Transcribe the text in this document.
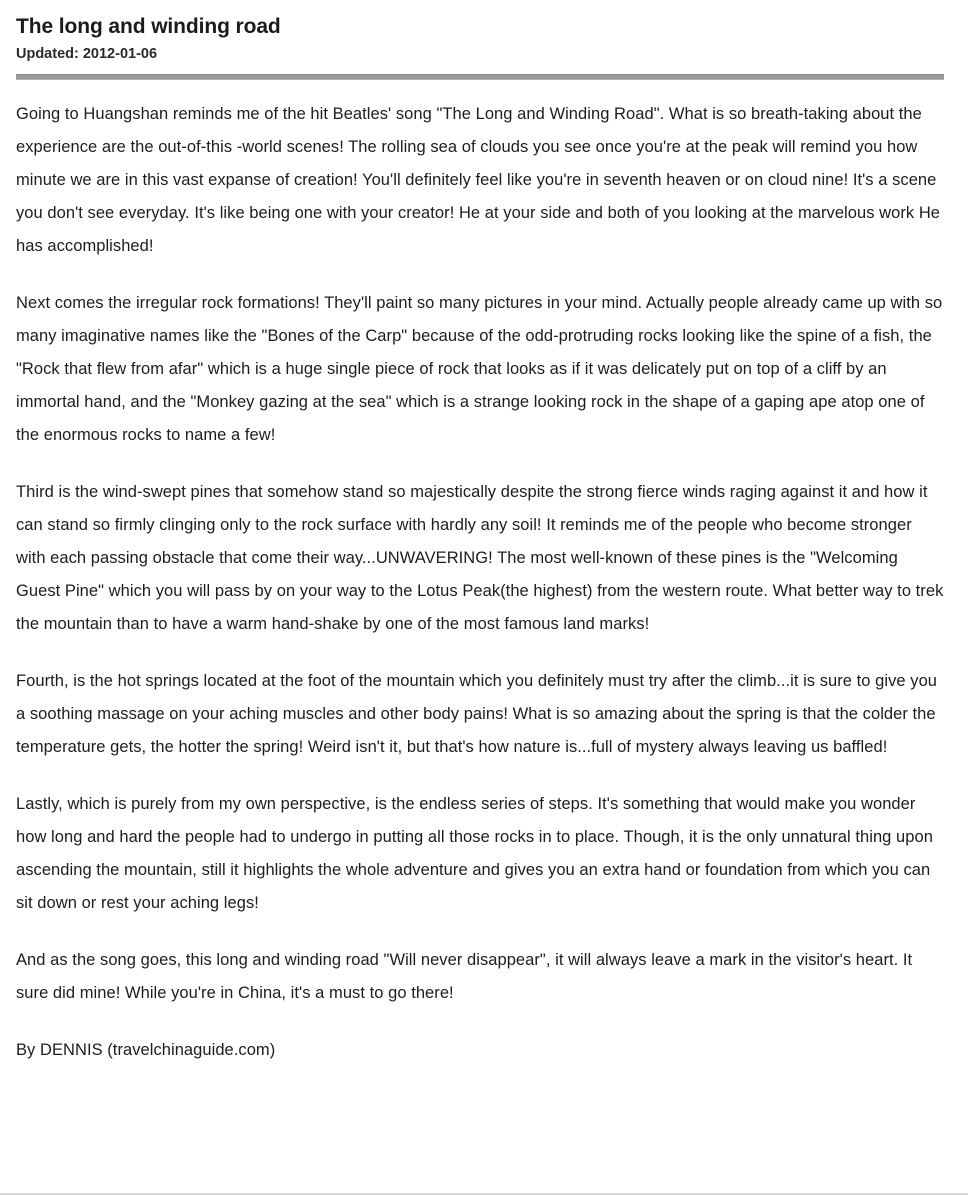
The long and winding road
Updated: 2012-01-06

Going to Huangshan reminds me of the hit Beatles' song "The Long and Winding Road". What is so breath-taking about the experience are the out-of-this -world scenes! The rolling sea of clouds you see once you're at the peak will remind you how minute we are in this vast expanse of creation! You'll definitely feel like you're in seventh heaven or on cloud nine! It's a scene you don't see everyday. It's like being one with your creator! He at your side and both of you looking at the marvelous work He has accomplished!

Next comes the irregular rock formations! They'll paint so many pictures in your mind. Actually people already came up with so many imaginative names like the "Bones of the Carp" because of the odd-protruding rocks looking like the spine of a fish, the "Rock that flew from afar" which is a huge single piece of rock that looks as if it was delicately put on top of a cliff by an immortal hand, and the "Monkey gazing at the sea" which is a strange looking rock in the shape of a gaping ape atop one of the enormous rocks to name a few!

Third is the wind-swept pines that somehow stand so majestically despite the strong fierce winds raging against it and how it can stand so firmly clinging only to the rock surface with hardly any soil! It reminds me of the people who become stronger with each passing obstacle that come their way...UNWAVERING! The most well-known of these pines is the "Welcoming Guest Pine" which you will pass by on your way to the Lotus Peak(the highest) from the western route. What better way to trek the mountain than to have a warm hand-shake by one of the most famous land marks!

Fourth, is the hot springs located at the foot of the mountain which you definitely must try after the climb...it is sure to give you a soothing massage on your aching muscles and other body pains! What is so amazing about the spring is that the colder the temperature gets, the hotter the spring! Weird isn't it, but that's how nature is...full of mystery always leaving us baffled!

Lastly, which is purely from my own perspective, is the endless series of steps. It's something that would make you wonder how long and hard the people had to undergo in putting all those rocks in to place. Though, it is the only unnatural thing upon ascending the mountain, still it highlights the whole adventure and gives you an extra hand or foundation from which you can sit down or rest your aching legs!

And as the song goes, this long and winding road "Will never disappear", it will always leave a mark in the visitor's heart. It sure did mine! While you're in China, it's a must to go there!

By DENNIS (travelchinaguide.com)
